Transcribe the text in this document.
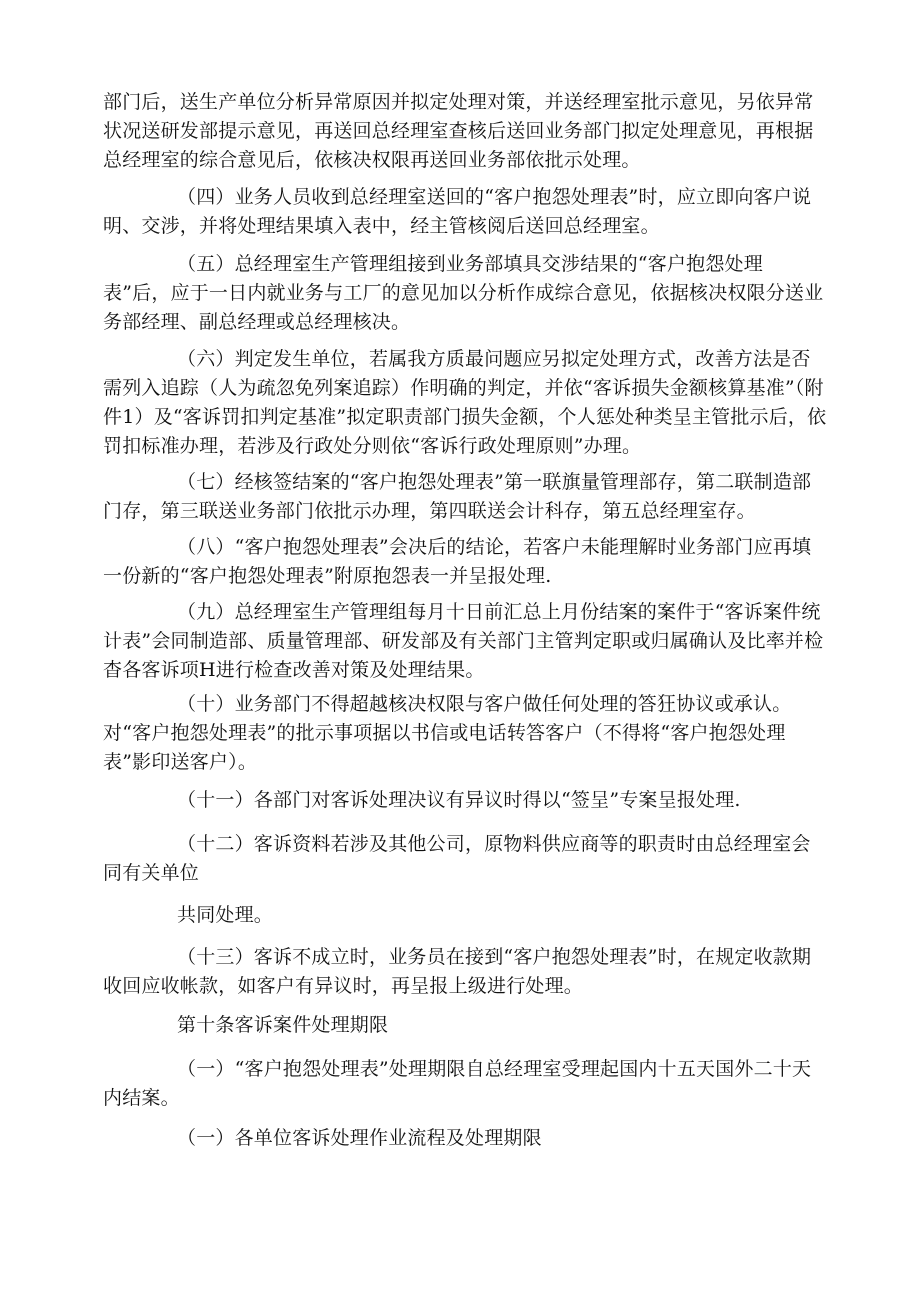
部门后，送生产单位分析异常原因并拟定处理对策，并送经理室批示意见，另依异常状况送研发部提示意见，再送回总经理室查核后送回业务部门拟定处理意见，再根据总经理室的综合意见后，依核决权限再送回业务部依批示处理。

（四）业务人员收到总经理室送回的“客户抱怨处理表”时，应立即向客户说明、交涉，并将处理结果填入表中，经主管核阅后送回总经理室。

（五）总经理室生产管理组接到业务部填具交涉结果的“客户抱怨处理表”后，应于一日内就业务与工厂的意见加以分析作成综合意见，依据核决权限分送业务部经理、副总经理或总经理核决。

（六）判定发生单位，若属我方质最问题应另拟定处理方式，改善方法是否需列入追踪（人为疏忽免列案追踪）作明确的判定，并依“客诉损失金额核算基准”（附件1）及“客诉罚扣判定基准”拟定职责部门损失金额，个人惩处种类呈主管批示后，依罚扣标准办理，若涉及行政处分则依“客诉行政处理原则”办理。

（七）经核签结案的“客户抱怨处理表”第一联旗量管理部存，第二联制造部门存，第三联送业务部门依批示办理，第四联送会计科存，第五总经理室存。

（八）“客户抱怨处理表”会决后的结论，若客户未能理解时业务部门应再填一份新的“客户抱怨处理表”附原抱怨表一并呈报处理.

（九）总经理室生产管理组每月十日前汇总上月份结案的案件于“客诉案件统计表”会同制造部、质量管理部、研发部及有关部门主管判定职或归属确认及比率并检杳各客诉项H进行检查改善对策及处理结果。

（十）业务部门不得超越核决权限与客户做任何处理的答狂协议或承认。对“客户抱怨处理表”的批示事项据以书信或电话转答客户（不得将“客户抱怨处理表”影印送客户）。

（十一）各部门对客诉处理决议有异议时得以“签呈”专案呈报处理.

（十二）客诉资料若涉及其他公司，原物料供应商等的职责时由总经理室会同有关单位

共同处理。

（十三）客诉不成立时，业务员在接到“客户抱怨处理表”时，在规定收款期收回应收帐款，如客户有异议时，再呈报上级进行处理。

第十条客诉案件处理期限

（一）“客户抱怨处理表”处理期限自总经理室受理起国内十五天国外二十天内结案。

（一）各单位客诉处理作业流程及处理期限
